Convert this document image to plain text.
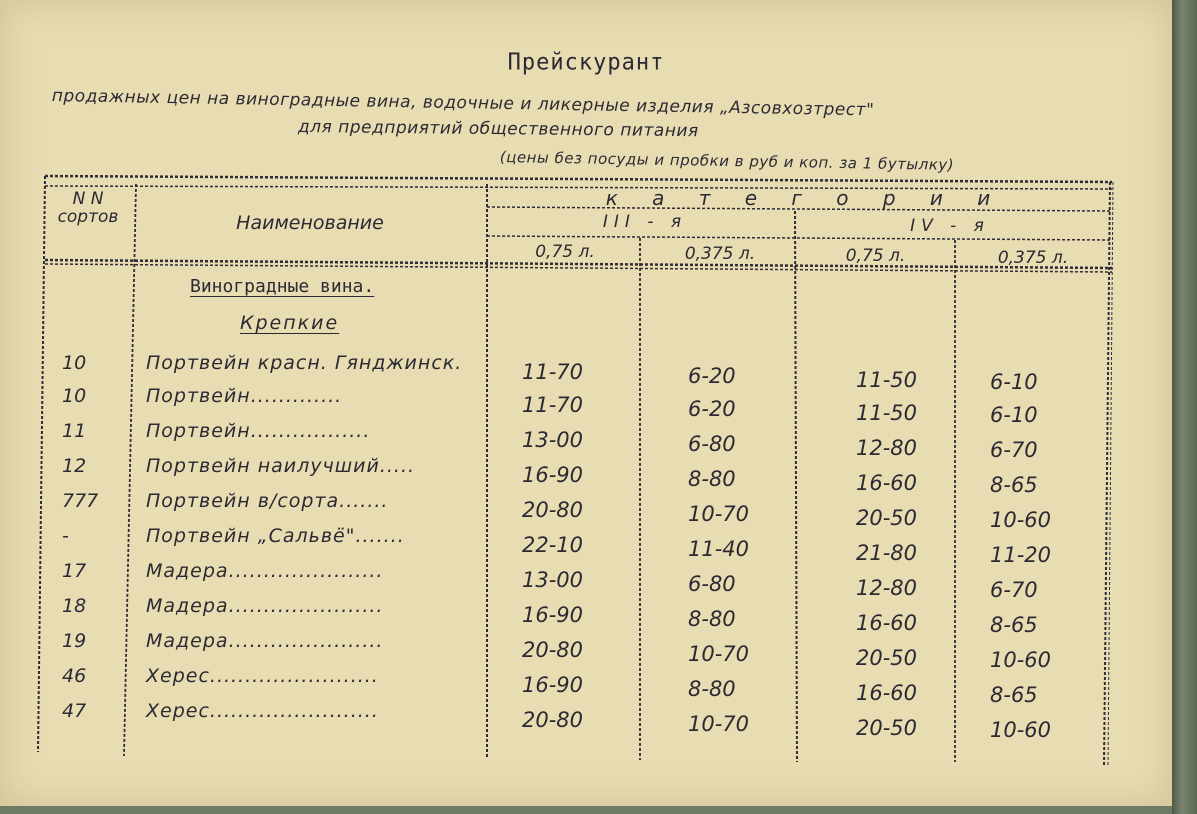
Прейскурант
продажных цен на виноградные вина, водочные и ликерные изделия „Азсовхозтрест"
для предприятий общественного питания
(цены без посуды и пробки в руб и коп. за 1 бутылку)
N N
сортов	Наименование
к а т е г о р и и
III - я	IV - я
0,75 л.	0,375 л.	0,75 л.	0,375 л.
Виноградные вина.
Крепкие
10	Портвейн красн. Гянджинск.	11-70	6-20	11-50	6-10
10	Портвейн.............	11-70	6-20	11-50	6-10
11	Портвейн.................	13-00	6-80	12-80	6-70
12	Портвейн наилучший.....	16-90	8-80	16-60	8-65
777	Портвейн в/сорта.......	20-80	10-70	20-50	10-60
-	Портвейн „Сальвё".......	22-10	11-40	21-80	11-20
17	Мадера......................	13-00	6-80	12-80	6-70
18	Мадера......................	16-90	8-80	16-60	8-65
19	Мадера......................	20-80	10-70	20-50	10-60
46	Херес........................	16-90	8-80	16-60	8-65
47	Херес........................	20-80	10-70	20-50	10-60
